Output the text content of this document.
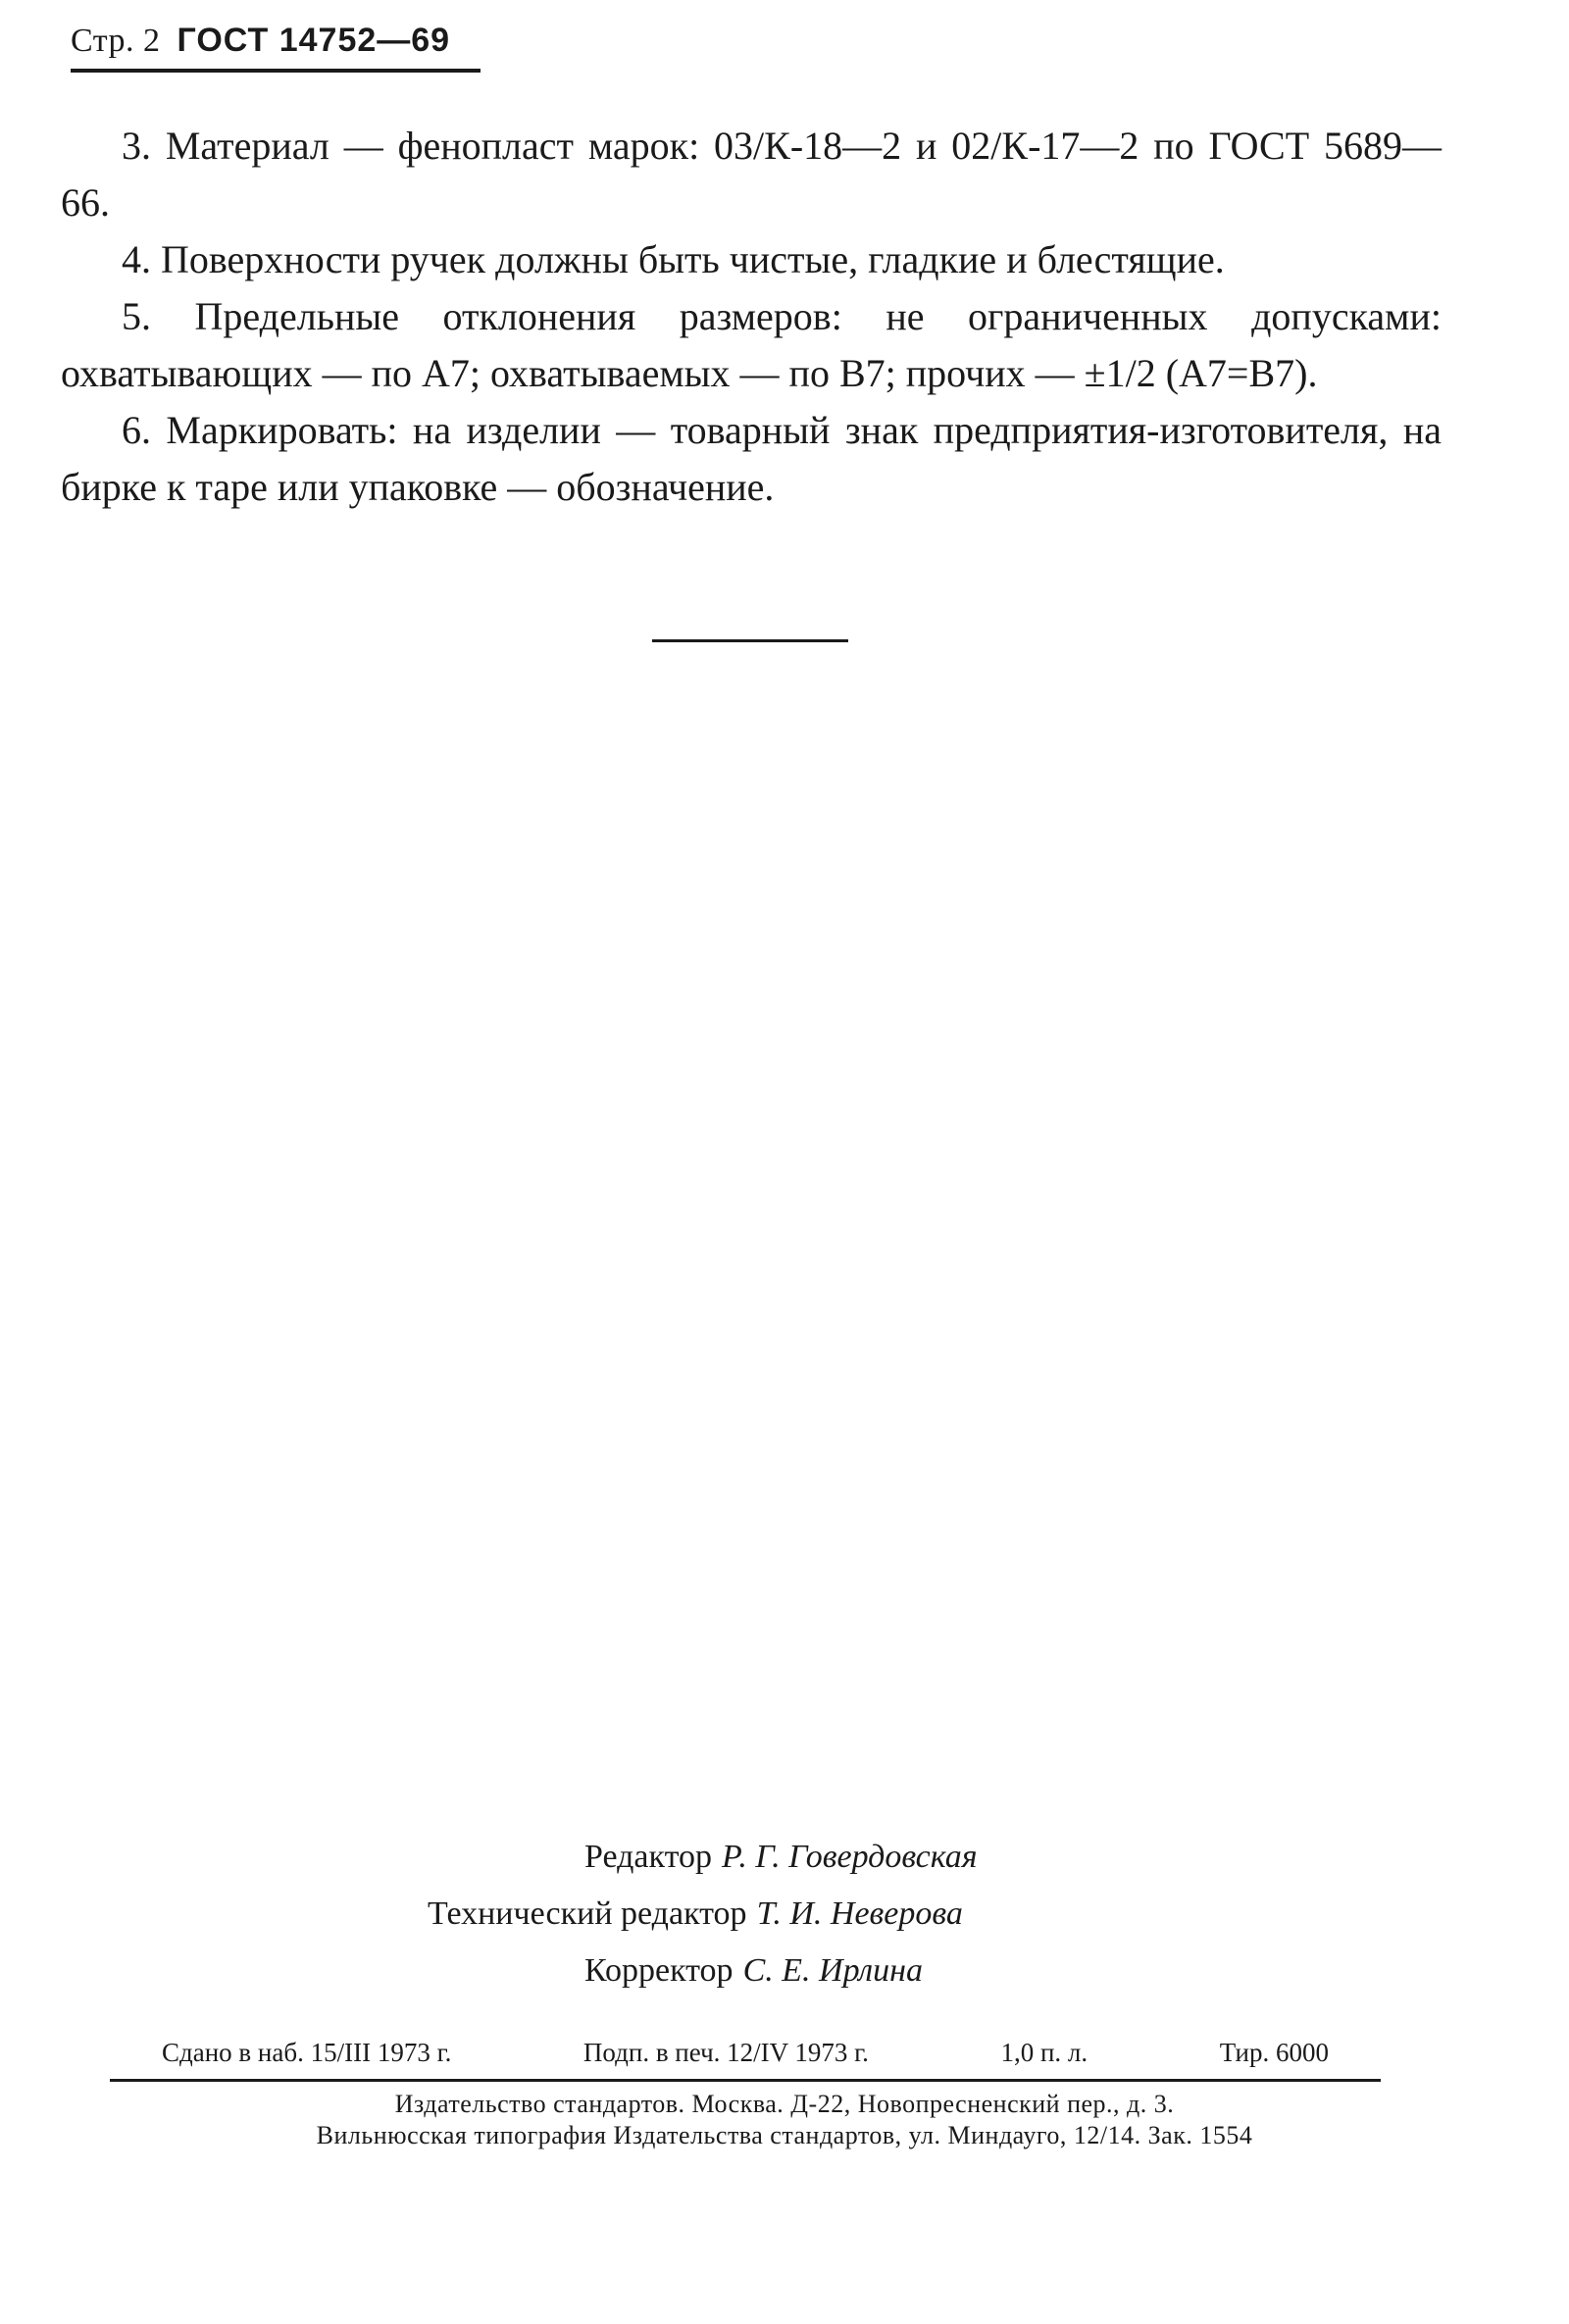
Стр. 2 ГОСТ 14752—69

3. Материал — фенопласт марок: 03/К-18—2 и 02/К-17—2 по ГОСТ 5689—66.

4. Поверхности ручек должны быть чистые, гладкие и блестящие.

5. Предельные отклонения размеров: не ограниченных допусками: охватывающих — по А7; охватываемых — по В7; прочих — ±1/2 (А7=В7).

6. Маркировать: на изделии — товарный знак предприятия-изготовителя, на бирке к таре или упаковке — обозначение.

Редактор Р. Г. Говердовская
Технический редактор Т. И. Неверова
Корректор С. Е. Ирлина
Сдано в наб. 15/III 1973 г.	Подп. в печ. 12/IV 1973 г.	1,0 п. л.	Тир. 6000
Издательство стандартов. Москва. Д-22, Новопресненский пер., д. 3.
Вильнюсская типография Издательства стандартов, ул. Миндауго, 12/14. Зак. 1554
